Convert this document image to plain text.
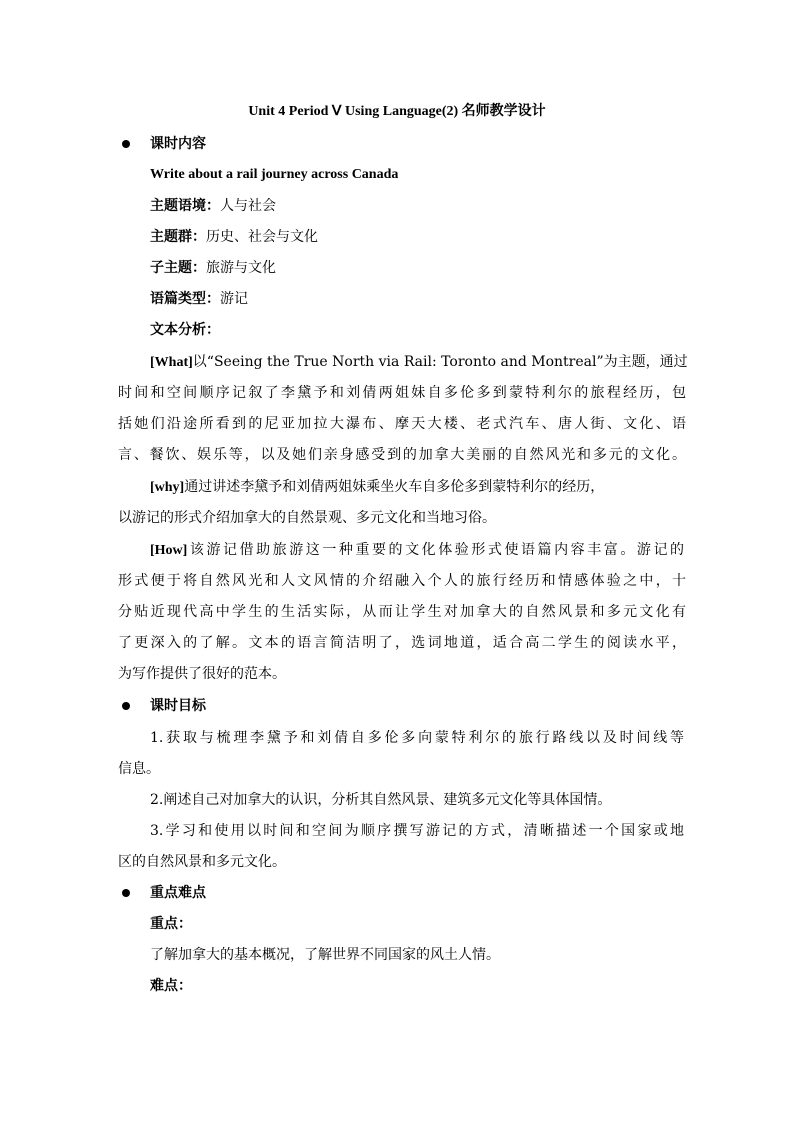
Unit 4 Period Ⅴ Using Language(2) 名师教学设计
课时内容
Write about a rail journey across Canada
主题语境：人与社会
主题群：历史、社会与文化
子主题：旅游与文化
语篇类型：游记
文本分析：
[What]以“Seeing the True North via Rail: Toronto and Montreal”为主题，通过
时间和空间顺序记叙了李黛予和刘倩两姐妹自多伦多到蒙特利尔的旅程经历，包
括她们沿途所看到的尼亚加拉大瀑布、摩天大楼、老式汽车、唐人街、文化、语
言、餐饮、娱乐等，以及她们亲身感受到的加拿大美丽的自然风光和多元的文化。
[why]通过讲述李黛予和刘倩两姐妹乘坐火车自多伦多到蒙特利尔的经历，
以游记的形式介绍加拿大的自然景观、多元文化和当地习俗。
[How]该游记借助旅游这一种重要的文化体验形式使语篇内容丰富。游记的
形式便于将自然风光和人文风情的介绍融入个人的旅行经历和情感体验之中，十
分贴近现代高中学生的生活实际，从而让学生对加拿大的自然风景和多元文化有
了更深入的了解。文本的语言简洁明了，选词地道，适合高二学生的阅读水平，
为写作提供了很好的范本。
课时目标
1.获取与梳理李黛予和刘倩自多伦多向蒙特利尔的旅行路线以及时间线等
信息。
2.阐述自己对加拿大的认识，分析其自然风景、建筑多元文化等具体国情。
3.学习和使用以时间和空间为顺序撰写游记的方式，清晰描述一个国家或地
区的自然风景和多元文化。
重点难点
重点：
了解加拿大的基本概况，了解世界不同国家的风土人情。
难点：
